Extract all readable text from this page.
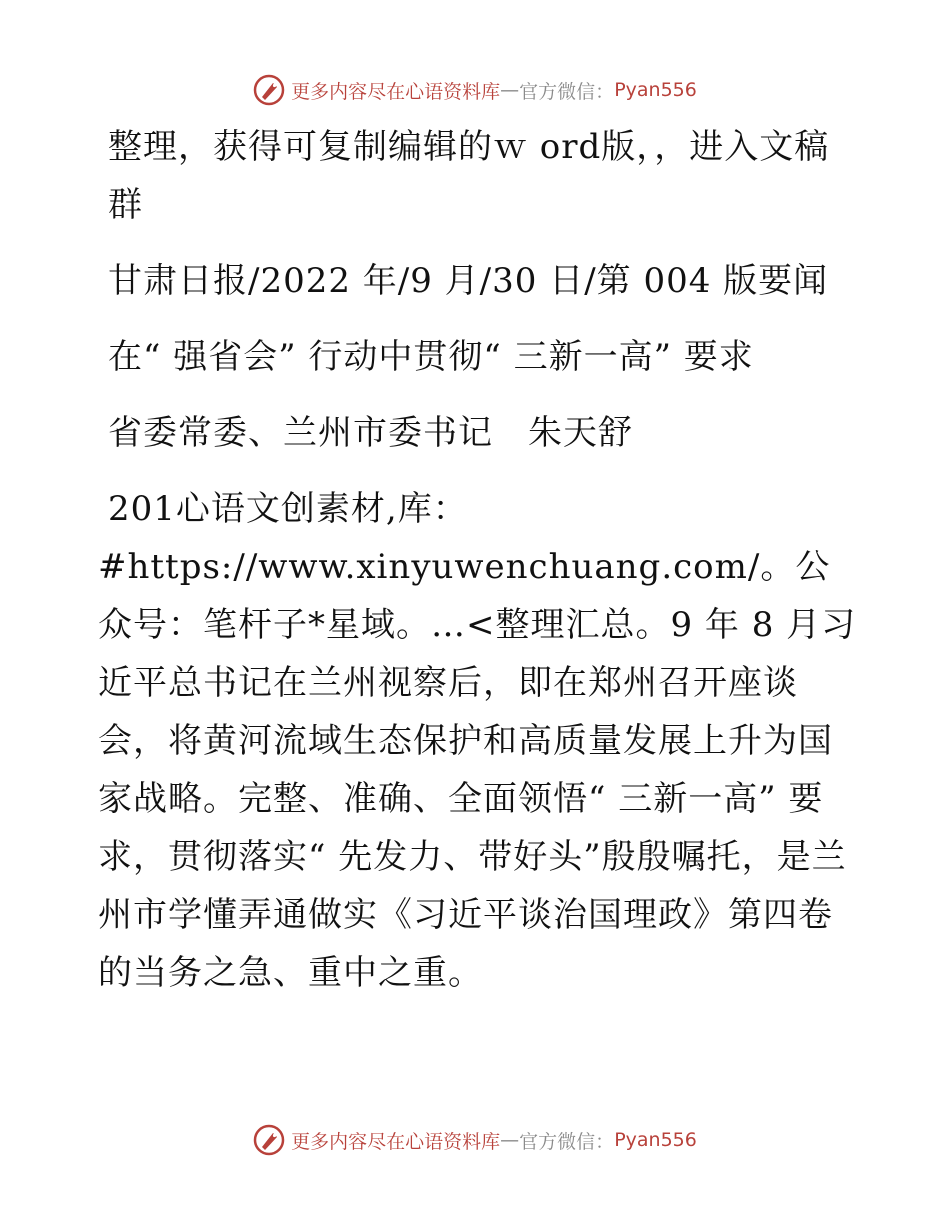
更多内容尽在心语资料库 — 官方微信： Pyan556

整理，获得可复制编辑的ｗ ord版，，进入文稿群

甘肃日报/2022 年/9 月/30 日/第 004 版要闻

在“ 强省会” 行动中贯彻“ 三新一高” 要求

省委常委、兰州市委书记　朱天舒

201心语文创素材,库：#https://www.xinyuwenchuang.com/。公众号：笔杆子*星域。…<整理汇总。9 年 8 月习近平总书记在兰州视察后，即在郑州召开座谈会，将黄河流域生态保护和高质量发展上升为国家战略。完整、准确、全面领悟“ 三新一高” 要求，贯彻落实“ 先发力、带好头”殷殷嘱托，是兰州市学懂弄通做实《习近平谈治国理政》第四卷的当务之急、重中之重。

更多内容尽在心语资料库 — 官方微信： Pyan556
